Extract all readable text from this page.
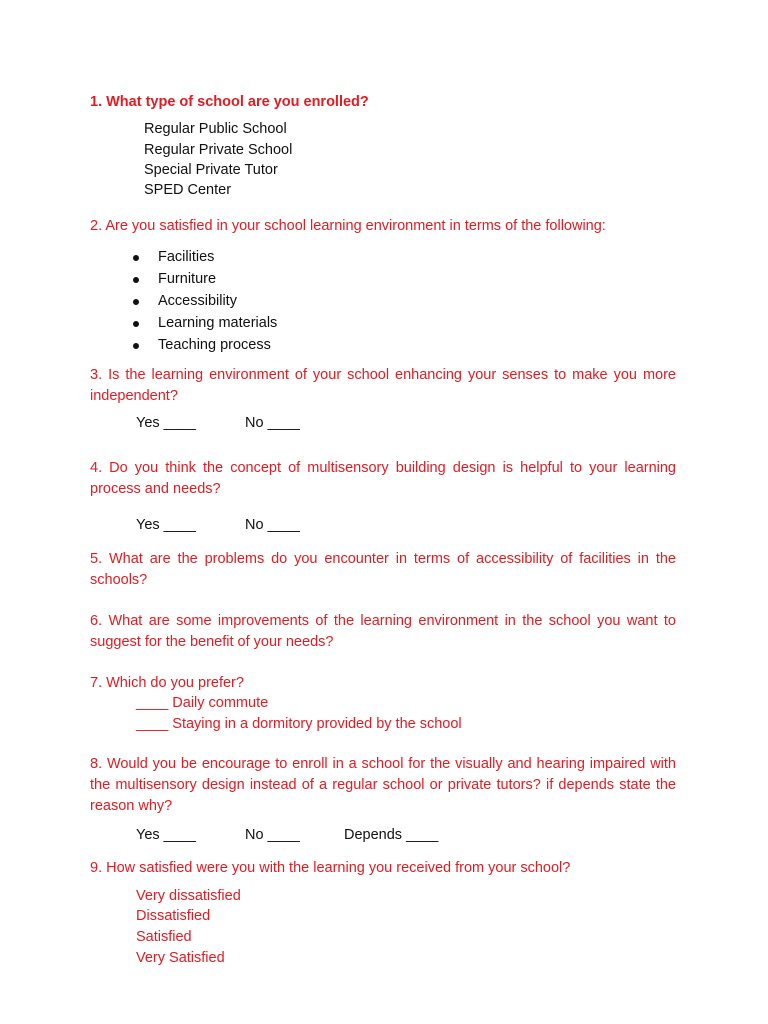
1. What type of school are you enrolled?
Regular Public School
Regular Private School
Special Private Tutor
SPED Center
2. Are you satisfied in your school learning environment in terms of the following:
Facilities
Furniture
Accessibility
Learning materials
Teaching process
3. Is the learning environment of your school enhancing your senses to make you more independent?
Yes ____	No ____
4. Do you think the concept of multisensory building design is helpful to your learning process and needs?
Yes ____	No ____
5. What are the problems do you encounter in terms of accessibility of facilities in the schools?
6. What are some improvements of the learning environment in the school you want to suggest for the benefit of your needs?
7. Which do you prefer?
____ Daily commute
____ Staying in a dormitory provided by the school
8. Would you be encourage to enroll in a school for the visually and hearing impaired with the multisensory design instead of a regular school or private tutors? if depends state the reason why?
Yes ____	No ____	Depends ____
9. How satisfied were you with the learning you received from your school?
Very dissatisfied
Dissatisfied
Satisfied
Very Satisfied
